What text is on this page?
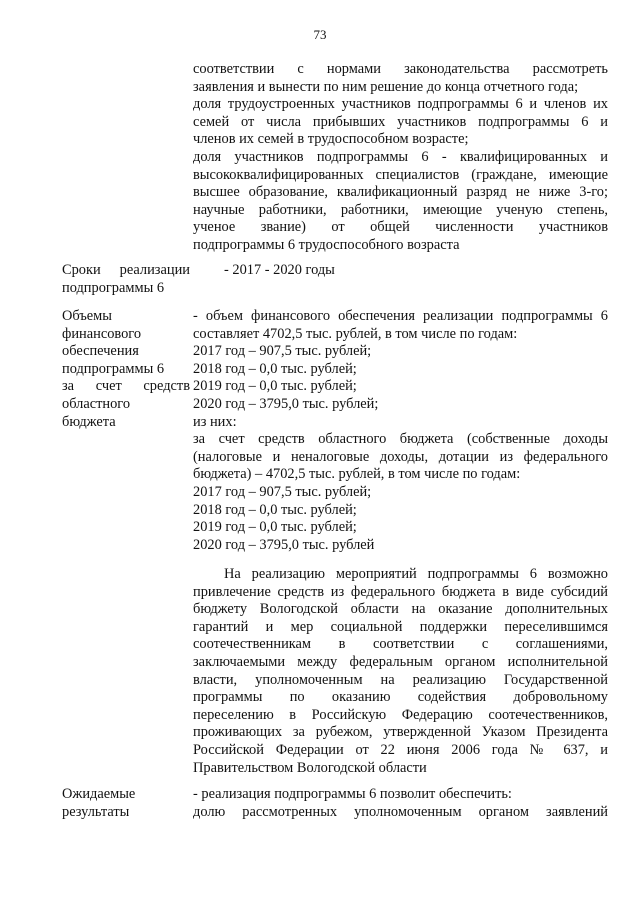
73
соответствии с нормами законодательства рассмотреть
заявления и вынести по ним решение до конца отчетного года;
доля трудоустроенных участников подпрограммы 6 и членов их
семей от числа прибывших участников подпрограммы 6 и
членов их семей в трудоспособном возрасте;
доля участников подпрограммы 6 - квалифицированных и
высококвалифицированных специалистов (граждане, имеющие
высшее образование, квалификационный разряд не ниже 3-го;
научные работники, работники, имеющие ученую степень,
ученое звание) от общей численности участников
подпрограммы 6 трудоспособного возраста
Сроки реализации
подпрограммы 6
- 2017 - 2020 годы
Объемы
финансового
обеспечения
подпрограммы 6
за счет средств
областного
бюджета
- объем финансового обеспечения реализации подпрограммы 6
составляет 4702,5 тыс. рублей, в том числе по годам:
2017 год – 907,5 тыс. рублей;
2018 год – 0,0 тыс. рублей;
2019 год – 0,0 тыс. рублей;
2020 год – 3795,0 тыс. рублей;
из них:
за счет средств областного бюджета (собственные доходы
(налоговые и неналоговые доходы, дотации из федерального
бюджета) – 4702,5 тыс. рублей, в том числе по годам:
2017 год – 907,5 тыс. рублей;
2018 год – 0,0 тыс. рублей;
2019 год – 0,0 тыс. рублей;
2020 год – 3795,0 тыс. рублей
На реализацию мероприятий подпрограммы 6 возможно
привлечение средств из федерального бюджета в виде субсидий
бюджету Вологодской области на оказание дополнительных
гарантий и мер социальной поддержки переселившимся
соотечественникам в соответствии с соглашениями,
заключаемыми между федеральным органом исполнительной
власти, уполномоченным на реализацию Государственной
программы по оказанию содействия добровольному
переселению в Российскую Федерацию соотечественников,
проживающих за рубежом, утвержденной Указом Президента
Российской Федерации от 22 июня 2006 года № 637, и
Правительством Вологодской области
Ожидаемые
результаты
- реализация подпрограммы 6 позволит обеспечить:
долю рассмотренных уполномоченным органом заявлений
